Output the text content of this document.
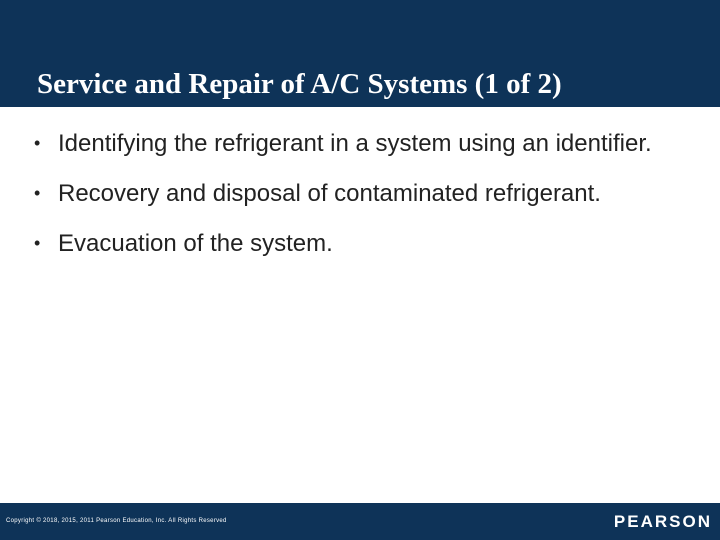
Service and Repair of A/C Systems (1 of 2)
• Identifying the refrigerant in a system using an identifier.
• Recovery and disposal of contaminated refrigerant.
• Evacuation of the system.
Copyright © 2018, 2015, 2011 Pearson Education, Inc. All Rights Reserved	PEARSON
